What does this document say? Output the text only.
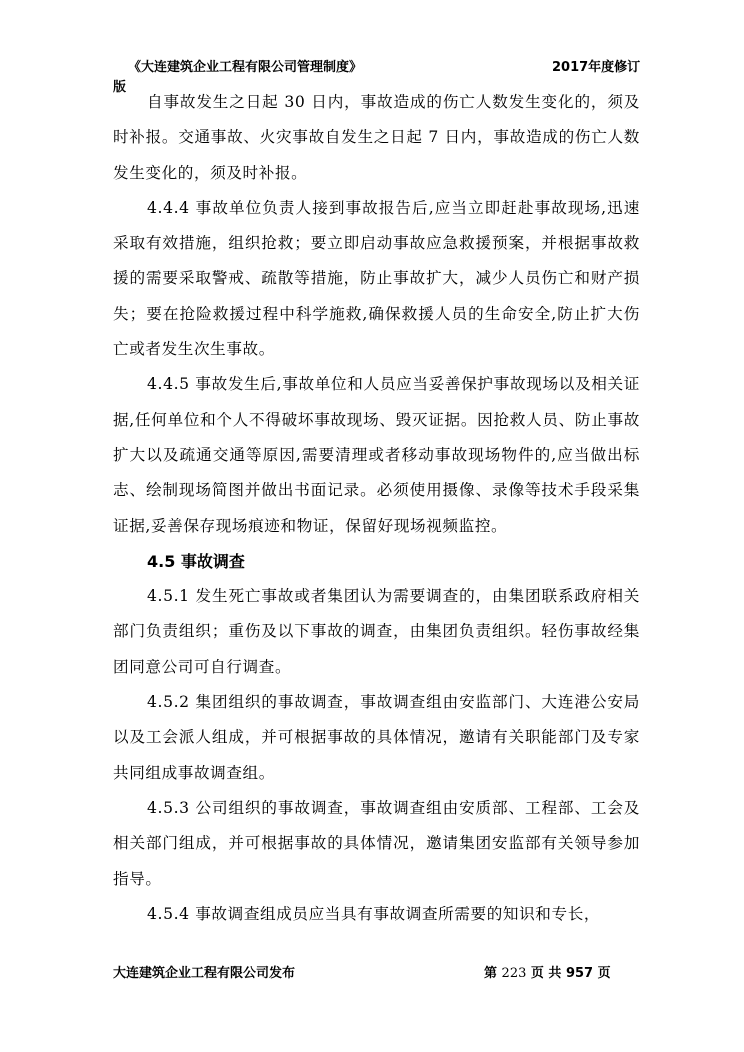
《大连建筑企业工程有限公司管理制度》	2017年度修订
版

自事故发生之日起 30 日内，事故造成的伤亡人数发生变化的，须及时补报。交通事故、火灾事故自发生之日起 7 日内，事故造成的伤亡人数发生变化的，须及时补报。

4.4.4 事故单位负责人接到事故报告后,应当立即赶赴事故现场,迅速采取有效措施，组织抢救；要立即启动事故应急救援预案，并根据事故救援的需要采取警戒、疏散等措施，防止事故扩大，减少人员伤亡和财产损失；要在抢险救援过程中科学施救,确保救援人员的生命安全,防止扩大伤亡或者发生次生事故。

4.4.5 事故发生后,事故单位和人员应当妥善保护事故现场以及相关证据,任何单位和个人不得破坏事故现场、毁灭证据。因抢救人员、防止事故扩大以及疏通交通等原因,需要清理或者移动事故现场物件的,应当做出标志、绘制现场简图并做出书面记录。必须使用摄像、录像等技术手段采集证据,妥善保存现场痕迹和物证，保留好现场视频监控。

4.5 事故调查

4.5.1 发生死亡事故或者集团认为需要调查的，由集团联系政府相关部门负责组织；重伤及以下事故的调查，由集团负责组织。轻伤事故经集团同意公司可自行调查。

4.5.2 集团组织的事故调查，事故调查组由安监部门、大连港公安局以及工会派人组成，并可根据事故的具体情况，邀请有关职能部门及专家共同组成事故调查组。

4.5.3 公司组织的事故调查，事故调查组由安质部、工程部、工会及相关部门组成，并可根据事故的具体情况，邀请集团安监部有关领导参加指导。

4.5.4 事故调查组成员应当具有事故调查所需要的知识和专长，

大连建筑企业工程有限公司发布	第 223 页 共 957 页
